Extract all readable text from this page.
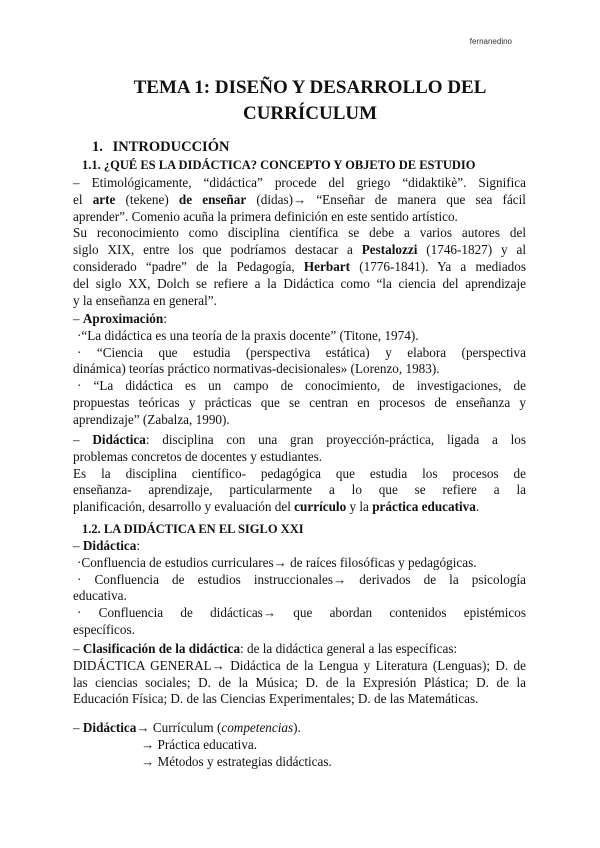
fernanedino
TEMA 1: DISEÑO Y DESARROLLO DEL
CURRÍCULUM
1. INTRODUCCIÓN
1.1. ¿QUÉ ES LA DIDÁCTICA? CONCEPTO Y OBJETO DE ESTUDIO
– Etimológicamente, “didáctica” procede del griego “didaktikè”. Significa
el arte (tekene) de enseñar (didas)→ “Enseñar de manera que sea fácil
aprender”. Comenio acuña la primera definición en este sentido artístico.
Su reconocimiento como disciplina científica se debe a varios autores del
siglo XIX, entre los que podríamos destacar a Pestalozzi (1746-1827) y al
considerado “padre” de la Pedagogía, Herbart (1776-1841). Ya a mediados
del siglo XX, Dolch se refiere a la Didáctica como “la ciencia del aprendizaje
y la enseñanza en general”.
– Aproximación:
·“La didáctica es una teoría de la praxis docente” (Titone, 1974).
· “Ciencia que estudia (perspectiva estática) y elabora (perspectiva
dinámica) teorías práctico normativas-decisionales» (Lorenzo, 1983).
· “La didáctica es un campo de conocimiento, de investigaciones, de
propuestas teóricas y prácticas que se centran en procesos de enseñanza y
aprendizaje” (Zabalza, 1990).
– Didáctica: disciplina con una gran proyección-práctica, ligada a los
problemas concretos de docentes y estudiantes.
Es la disciplina científico- pedagógica que estudia los procesos de
enseñanza- aprendizaje, particularmente a lo que se refiere a la
planificación, desarrollo y evaluación del currículo y la práctica educativa.
1.2. LA DIDÁCTICA EN EL SIGLO XXI
– Didáctica:
·Confluencia de estudios curriculares→ de raíces filosóficas y pedagógicas.
· Confluencia de estudios instruccionales→ derivados de la psicología
educativa.
· Confluencia de didácticas→ que abordan contenidos epistémicos
específicos.
– Clasificación de la didáctica: de la didáctica general a las específicas:
DIDÁCTICA GENERAL→ Didáctica de la Lengua y Literatura (Lenguas); D. de
las ciencias sociales; D. de la Música; D. de la Expresión Plástica; D. de la
Educación Física; D. de las Ciencias Experimentales; D. de las Matemáticas.
– Didáctica→ Currículum (competencias).
→ Práctica educativa.
→ Métodos y estrategias didácticas.
